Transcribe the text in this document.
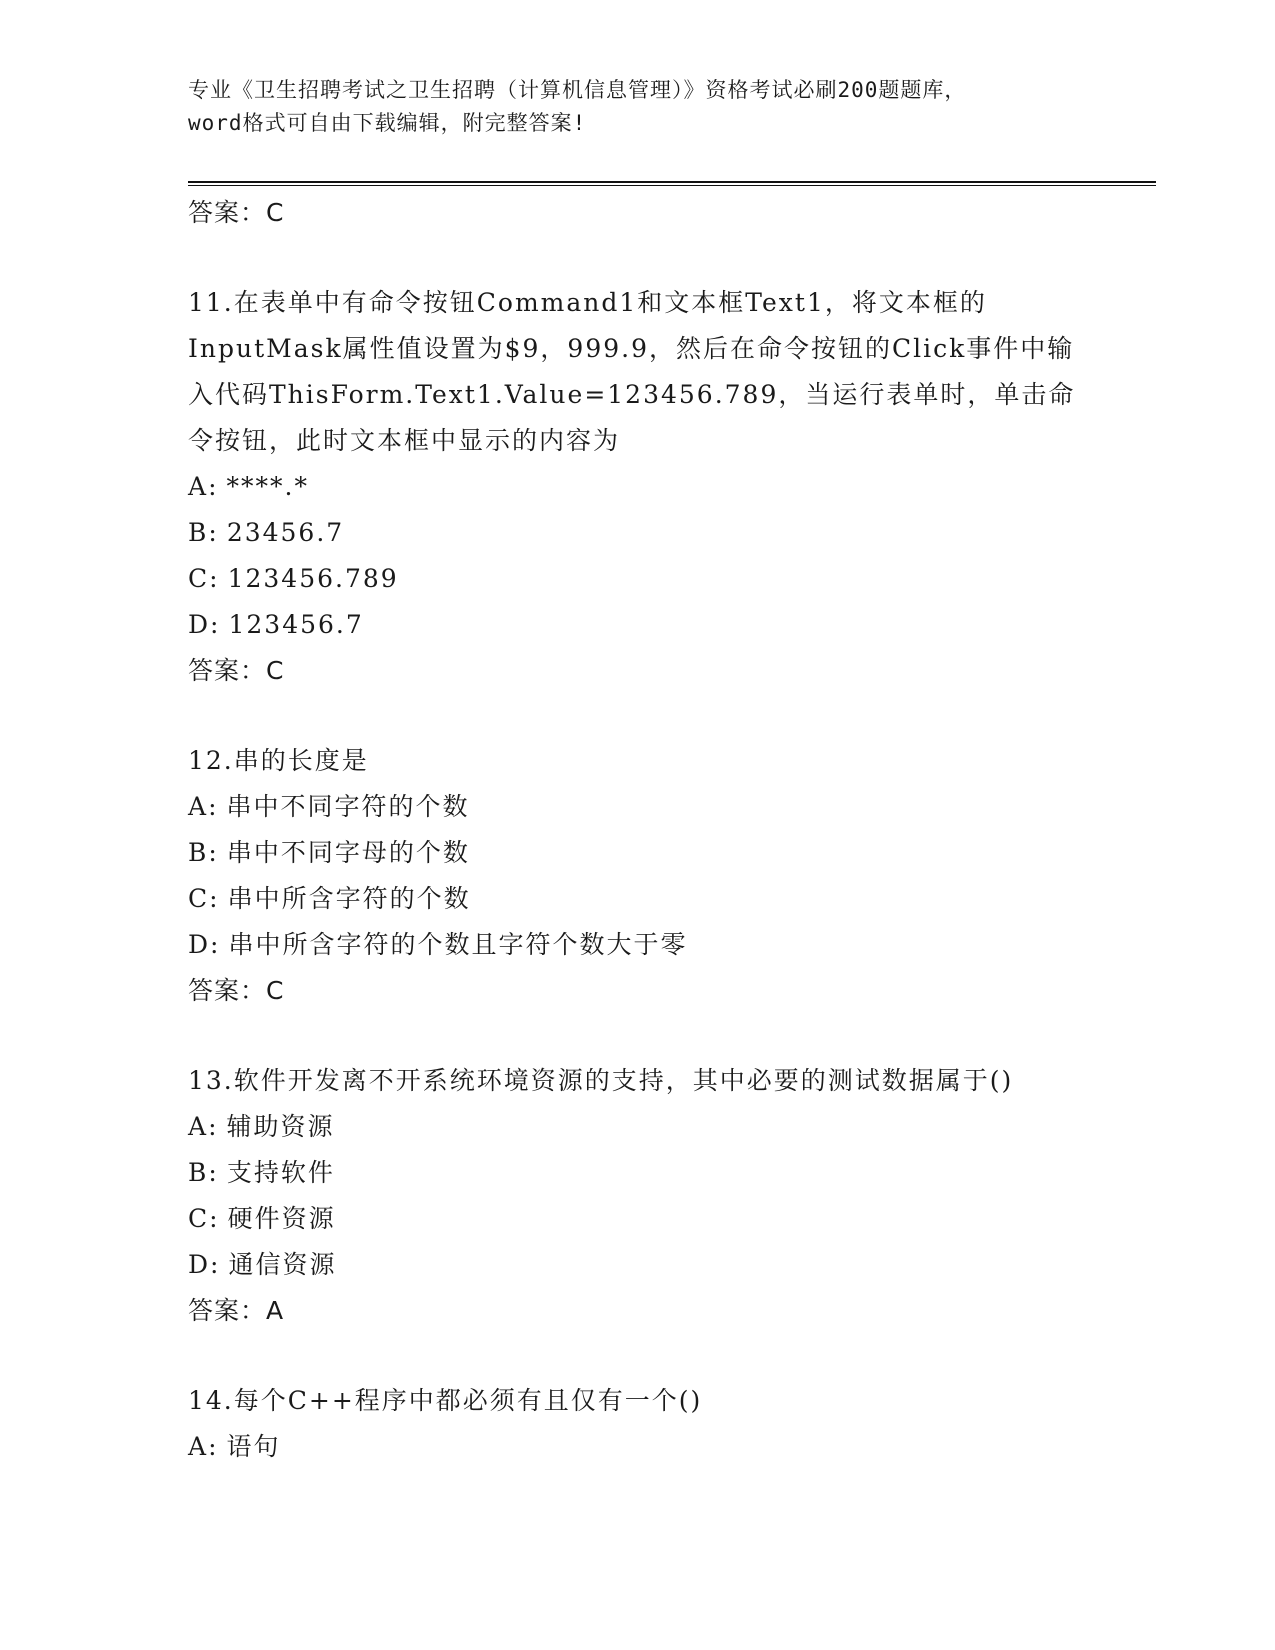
专业《卫生招聘考试之卫生招聘（计算机信息管理）》资格考试必刷200题题库，
word格式可自由下载编辑，附完整答案!
答案：C

11.在表单中有命令按钮Command1和文本框Text1，将文本框的InputMask属性值设置为$9，999.9，然后在命令按钮的Click事件中输入代码ThisForm.Text1.Value=123456.789，当运行表单时，单击命令按钮，此时文本框中显示的内容为

A: ****.*
B: 23456.7
C: 123456.789
D: 123456.7
答案：C

12.串的长度是

A: 串中不同字符的个数
B: 串中不同字母的个数
C: 串中所含字符的个数
D: 串中所含字符的个数且字符个数大于零
答案：C

13.软件开发离不开系统环境资源的支持，其中必要的测试数据属于()

A: 辅助资源
B: 支持软件
C: 硬件资源
D: 通信资源
答案：A

14.每个C++程序中都必须有且仅有一个()

A: 语句
